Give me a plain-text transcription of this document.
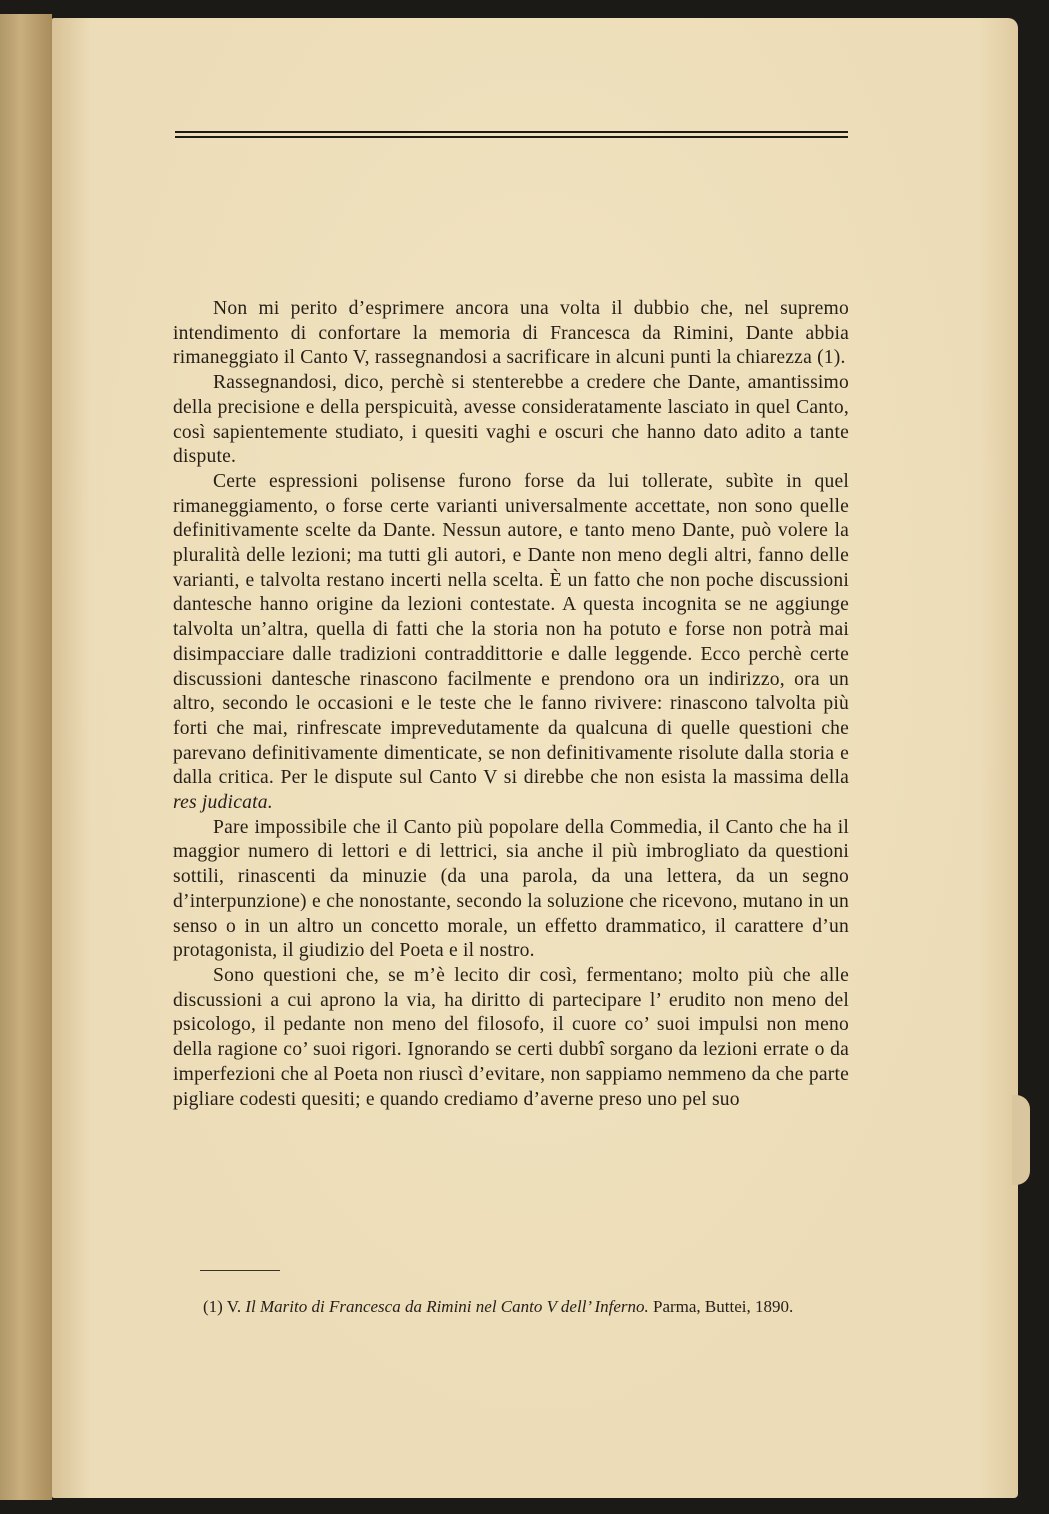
Non mi perito d’esprimere ancora una volta il dubbio che, nel supremo intendimento di confortare la memoria di Francesca da Rimini, Dante abbia rimaneggiato il Canto V, rassegnandosi a sacrificare in alcuni punti la chiarezza (1).

Rassegnandosi, dico, perchè si stenterebbe a credere che Dante, amantissimo della precisione e della perspicuità, avesse consideratamente lasciato in quel Canto, così sapientemente studiato, i quesiti vaghi e oscuri che hanno dato adito a tante dispute.

Certe espressioni polisense furono forse da lui tollerate, subìte in quel rimaneggiamento, o forse certe varianti universalmente accettate, non sono quelle definitivamente scelte da Dante. Nessun autore, e tanto meno Dante, può volere la pluralità delle lezioni; ma tutti gli autori, e Dante non meno degli altri, fanno delle varianti, e talvolta restano incerti nella scelta. È un fatto che non poche discussioni dantesche hanno origine da lezioni contestate. A questa incognita se ne aggiunge talvolta un’altra, quella di fatti che la storia non ha potuto e forse non potrà mai disimpacciare dalle tradizioni contraddittorie e dalle leggende. Ecco perchè certe discussioni dantesche rinascono facilmente e prendono ora un indirizzo, ora un altro, secondo le occasioni e le teste che le fanno rivivere: rinascono talvolta più forti che mai, rinfrescate imprevedutamente da qualcuna di quelle questioni che parevano definitivamente dimenticate, se non definitivamente risolute dalla storia e dalla critica. Per le dispute sul Canto V si direbbe che non esista la massima della res judicata.

Pare impossibile che il Canto più popolare della Commedia, il Canto che ha il maggior numero di lettori e di lettrici, sia anche il più imbrogliato da questioni sottili, rinascenti da minuzie (da una parola, da una lettera, da un segno d’interpunzione) e che nonostante, secondo la soluzione che ricevono, mutano in un senso o in un altro un concetto morale, un effetto drammatico, il carattere d’un protagonista, il giudizio del Poeta e il nostro.

Sono questioni che, se m’è lecito dir così, fermentano; molto più che alle discussioni a cui aprono la via, ha diritto di partecipare l’ erudito non meno del psicologo, il pedante non meno del filosofo, il cuore co’ suoi impulsi non meno della ragione co’ suoi rigori. Ignorando se certi dubbî sorgano da lezioni errate o da imperfezioni che al Poeta non riuscì d’evitare, non sappiamo nemmeno da che parte pigliare codesti quesiti; e quando crediamo d’averne preso uno pel suo

(1) V. Il Marito di Francesca da Rimini nel Canto V dell’ Inferno. Parma, Buttei, 1890.
